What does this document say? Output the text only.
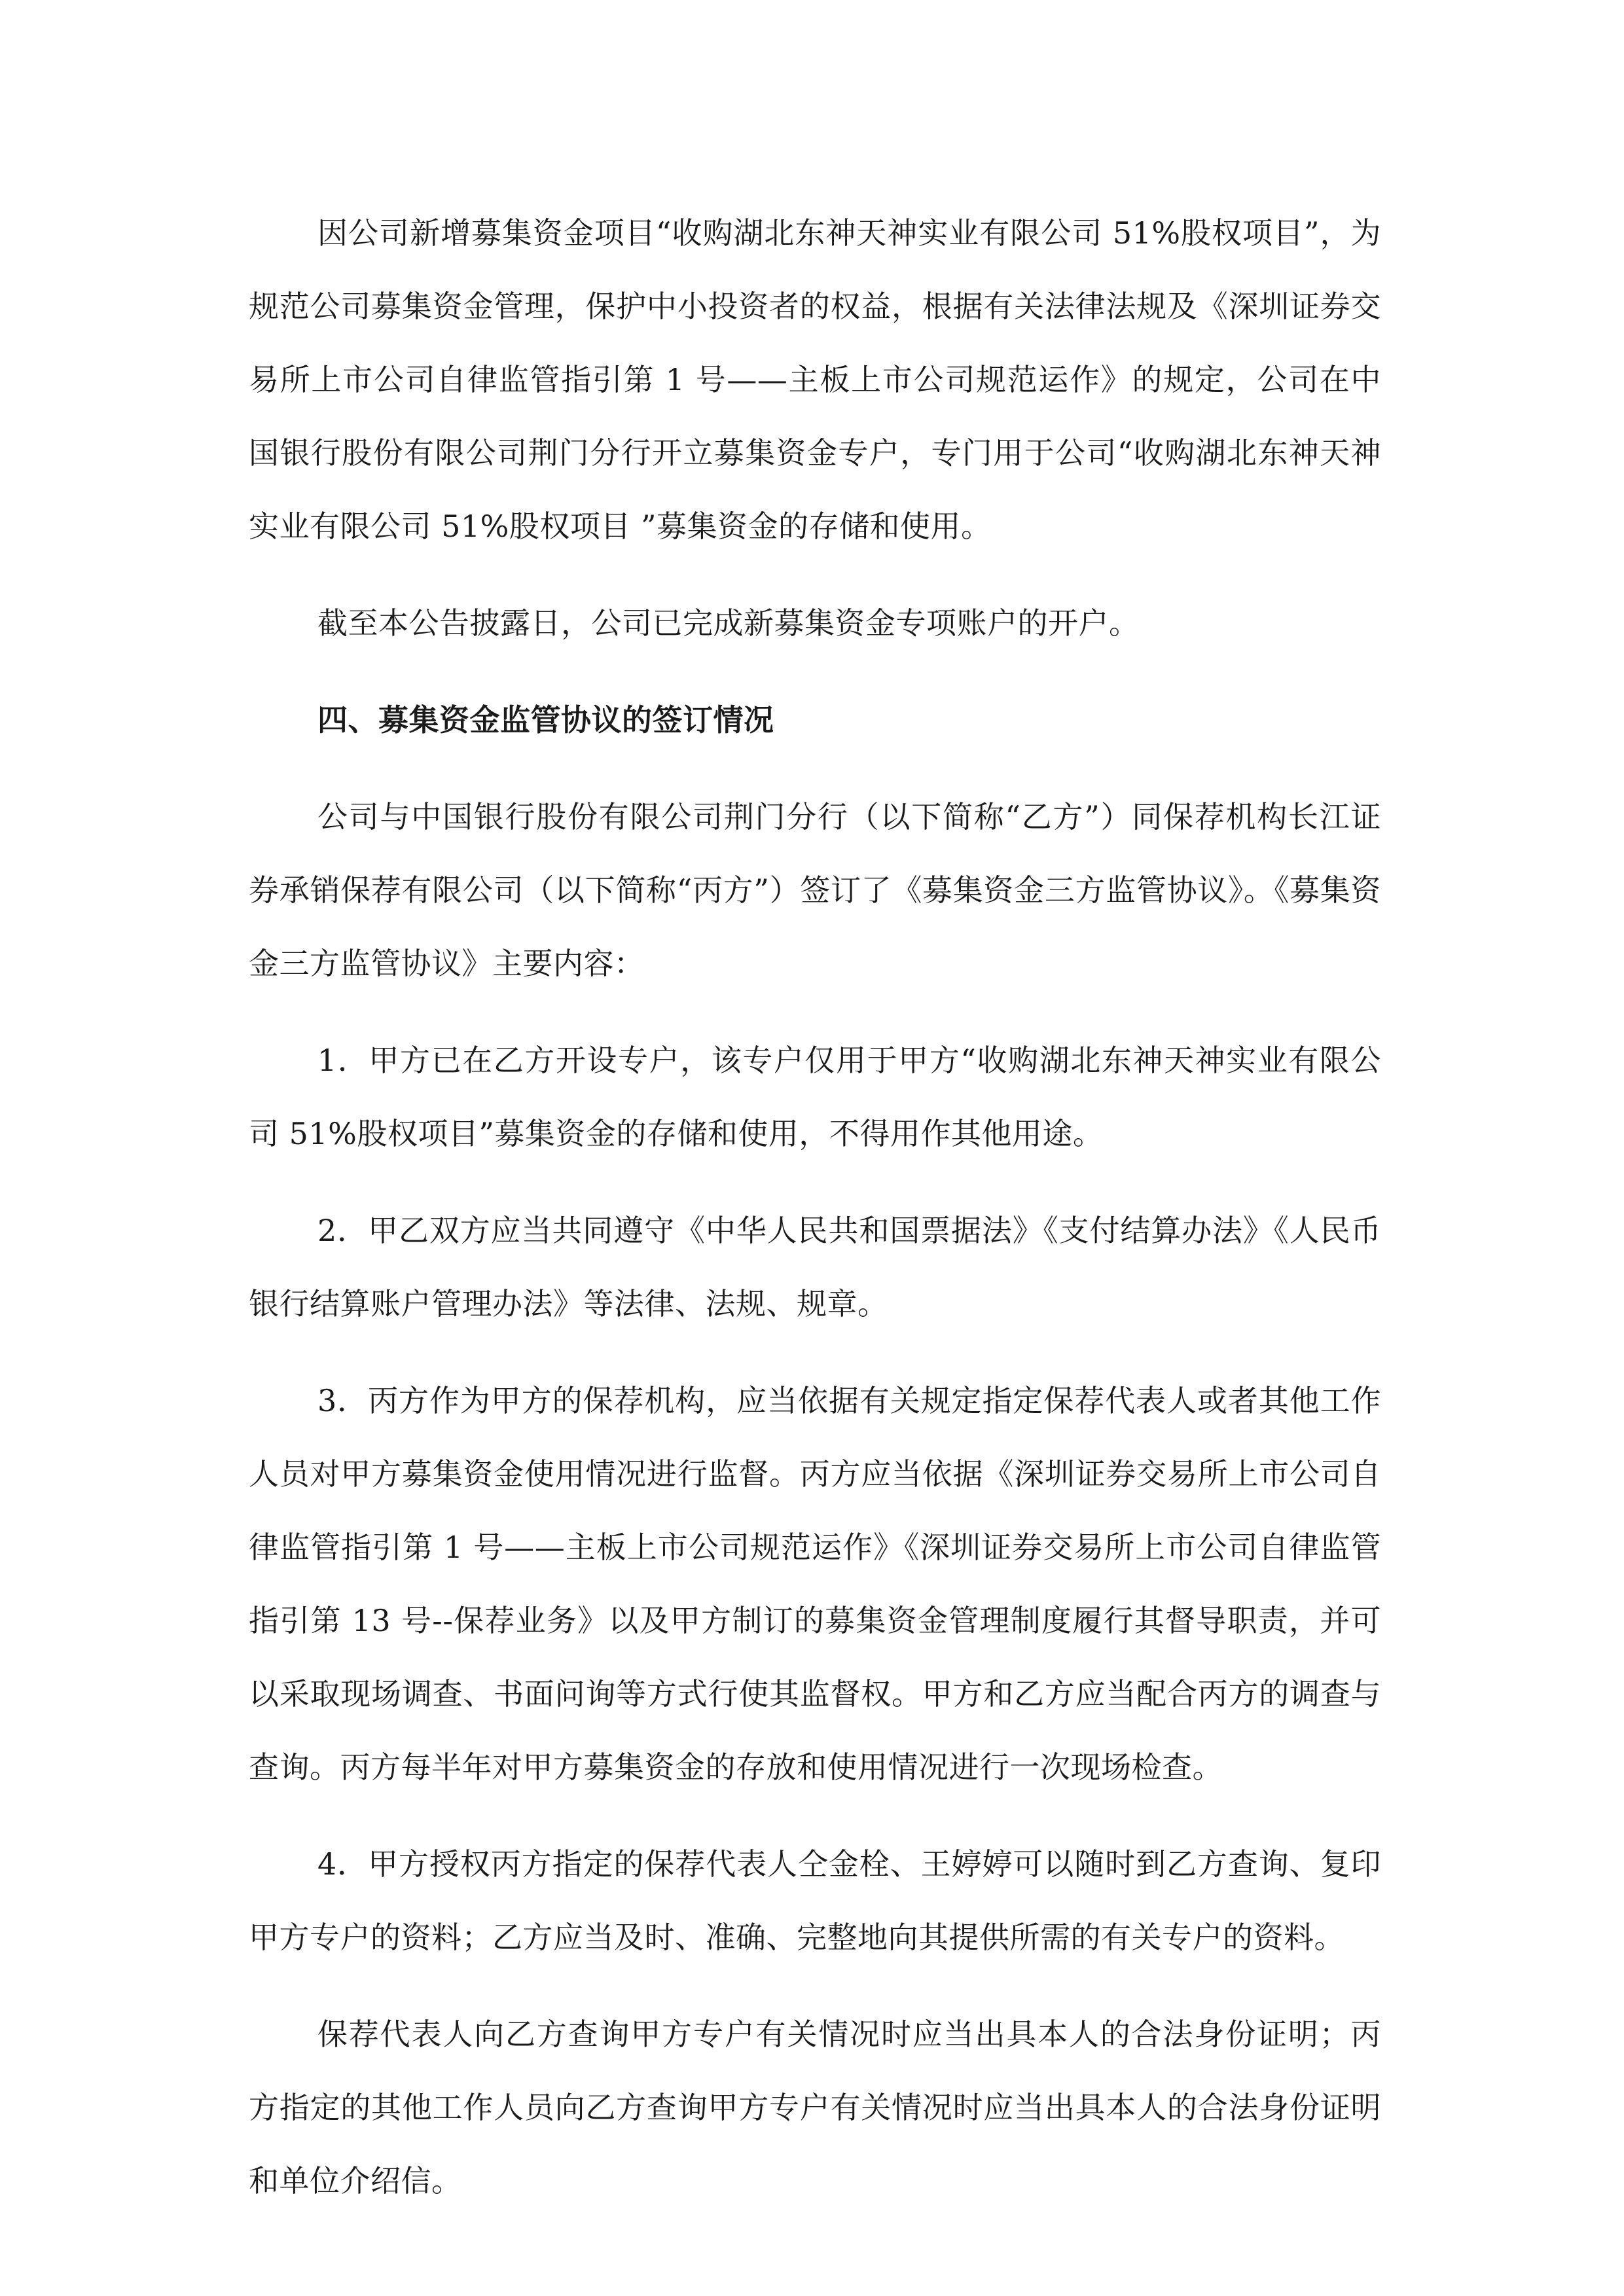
因公司新增募集资金项目“收购湖北东神天神实业有限公司 51%股权项目”，为规范公司募集资金管理，保护中小投资者的权益，根据有关法律法规及《深圳证券交易所上市公司自律监管指引第 1 号——主板上市公司规范运作》的规定，公司在中国银行股份有限公司荆门分行开立募集资金专户，专门用于公司“收购湖北东神天神实业有限公司 51%股权项目 ”募集资金的存储和使用。

截至本公告披露日，公司已完成新募集资金专项账户的开户。

四、募集资金监管协议的签订情况

公司与中国银行股份有限公司荆门分行（以下简称“乙方”）同保荐机构长江证券承销保荐有限公司（以下简称“丙方”）签订了《募集资金三方监管协议》。《募集资金三方监管协议》主要内容：

1．甲方已在乙方开设专户，该专户仅用于甲方“收购湖北东神天神实业有限公司 51%股权项目”募集资金的存储和使用，不得用作其他用途。

2．甲乙双方应当共同遵守《中华人民共和国票据法》《支付结算办法》《人民币银行结算账户管理办法》等法律、法规、规章。

3．丙方作为甲方的保荐机构，应当依据有关规定指定保荐代表人或者其他工作人员对甲方募集资金使用情况进行监督。丙方应当依据《深圳证券交易所上市公司自律监管指引第 1 号——主板上市公司规范运作》《深圳证券交易所上市公司自律监管指引第 13 号--保荐业务》以及甲方制订的募集资金管理制度履行其督导职责，并可以采取现场调查、书面问询等方式行使其监督权。甲方和乙方应当配合丙方的调查与查询。丙方每半年对甲方募集资金的存放和使用情况进行一次现场检查。

4．甲方授权丙方指定的保荐代表人仝金栓、王婷婷可以随时到乙方查询、复印甲方专户的资料；乙方应当及时、准确、完整地向其提供所需的有关专户的资料。

保荐代表人向乙方查询甲方专户有关情况时应当出具本人的合法身份证明；丙方指定的其他工作人员向乙方查询甲方专户有关情况时应当出具本人的合法身份证明和单位介绍信。
